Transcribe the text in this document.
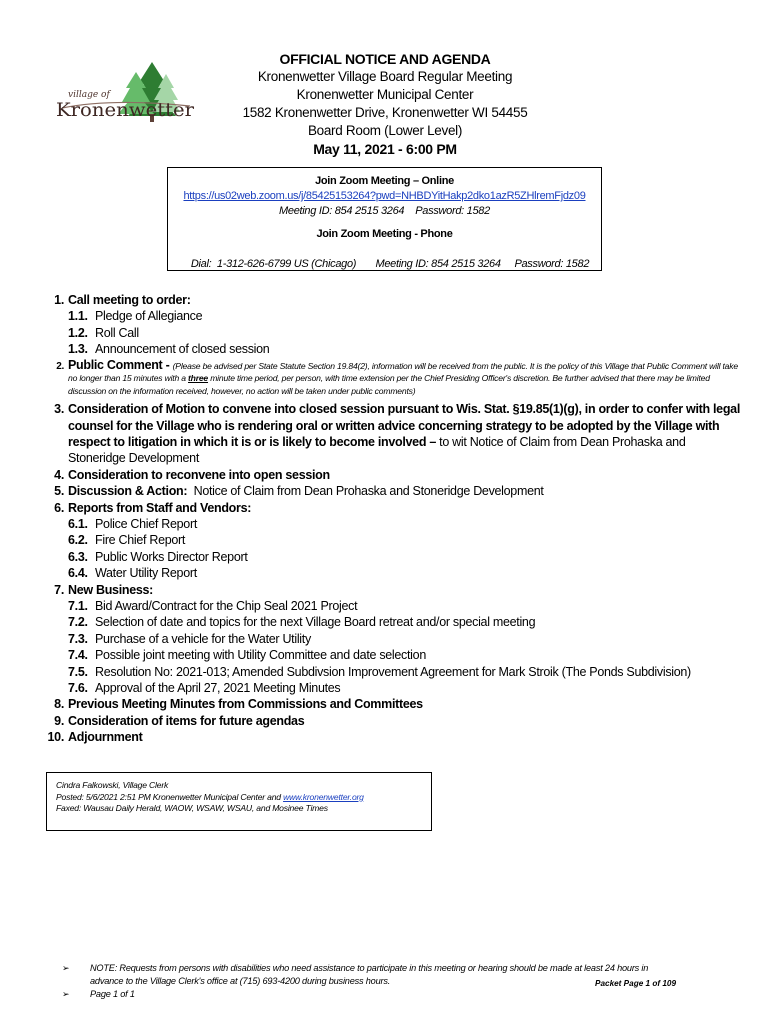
village of
Kronenwetter
OFFICIAL NOTICE AND AGENDA
Kronenwetter Village Board Regular Meeting
Kronenwetter Municipal Center
1582 Kronenwetter Drive, Kronenwetter WI 54455
Board Room (Lower Level)
May 11, 2021 - 6:00 PM
Join Zoom Meeting – Online
https://us02web.zoom.us/j/85425153264?pwd=NHBDYitHakp2dko1azR5ZHlremFjdz09
Meeting ID: 854 2515 3264    Password: 1582
Join Zoom Meeting - Phone

Dial:  1-312-626-6799 US (Chicago) Meeting ID: 854 2515 3264 Password: 1582

1. Call meeting to order:
1.1. Pledge of Allegiance
1.2. Roll Call
1.3. Announcement of closed session
2. Public Comment - (Please be advised per State Statute Section 19.84(2), information will be received from the public. It is the policy of this Village that Public Comment will take no longer than 15 minutes with a three minute time period, per person, with time extension per the Chief Presiding Officer's discretion. Be further advised that there may be limited discussion on the information received, however, no action will be taken under public comments)
3. Consideration of Motion to convene into closed session pursuant to Wis. Stat. §19.85(1)(g), in order to confer with legal counsel for the Village who is rendering oral or written advice concerning strategy to be adopted by the Village with respect to litigation in which it is or is likely to become involved – to wit Notice of Claim from Dean Prohaska and Stoneridge Development
4. Consideration to reconvene into open session
5. Discussion & Action:  Notice of Claim from Dean Prohaska and Stoneridge Development
6. Reports from Staff and Vendors:
6.1. Police Chief Report
6.2. Fire Chief Report
6.3. Public Works Director Report
6.4. Water Utility Report
7. New Business:
7.1. Bid Award/Contract for the Chip Seal 2021 Project
7.2. Selection of date and topics for the next Village Board retreat and/or special meeting
7.3. Purchase of a vehicle for the Water Utility
7.4. Possible joint meeting with Utility Committee and date selection
7.5. Resolution No: 2021-013; Amended Subdivsion Improvement Agreement for Mark Stroik (The Ponds Subdivision)
7.6. Approval of the April 27, 2021 Meeting Minutes
8. Previous Meeting Minutes from Commissions and Committees
9. Consideration of items for future agendas
10. Adjournment
Cindra Falkowski, Village Clerk
Posted: 5/6/2021 2:51 PM Kronenwetter Municipal Center and www.kronenwetter.org
Faxed: Wausau Daily Herald, WAOW, WSAW, WSAU, and Mosinee Times
➢ NOTE: Requests from persons with disabilities who need assistance to participate in this meeting or hearing should be made at least 24 hours in advance to the Village Clerk's office at (715) 693-4200 during business hours.
➢ Page 1 of 1
Packet Page 1 of 109
